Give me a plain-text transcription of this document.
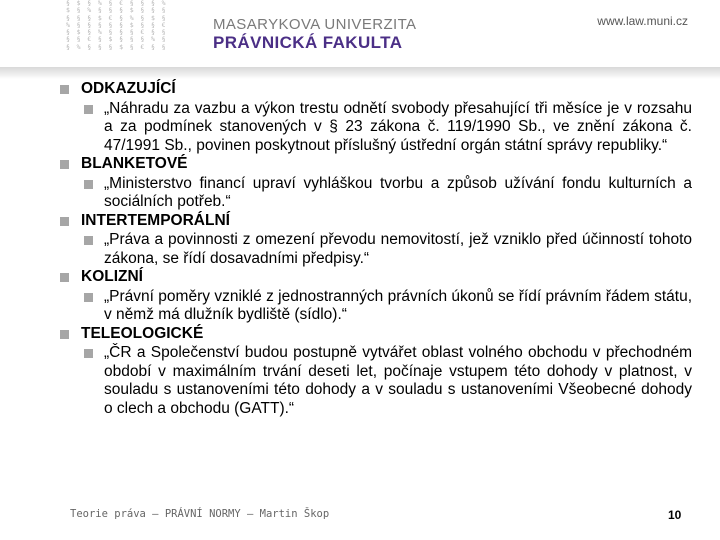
§ $ § % § € § § § %
$ § % § § § $ § § §
§ § § $ € § % § $ §
% § § § § § $ § § €
§ $ § % § § § € § §
§ § € § $ § § § % §
§ % § § § $ § € § §
MASARYKOVA UNIVERZITA
PRÁVNICKÁ FAKULTA
www.law.muni.cz
ODKAZUJÍCÍ
„Náhradu za vazbu a výkon trestu odnětí svobody přesahující tři měsíce je v rozsahu a za podmínek stanovených v § 23 zákona č. 119/1990 Sb., ve znění zákona č. 47/1991 Sb., povinen poskytnout příslušný ústřední orgán státní správy republiky.“
BLANKETOVÉ
„Ministerstvo financí upraví vyhláškou tvorbu a způsob užívání fondu kulturních a sociálních potřeb.“
INTERTEMPORÁLNÍ
„Práva a povinnosti z omezení převodu nemovitostí, jež vzniklo před účinností tohoto zákona, se řídí dosavadními předpisy.“
KOLIZNÍ
„Právní poměry vzniklé z jednostranných právních úkonů se řídí právním řádem státu, v němž má dlužník bydliště (sídlo).“
TELEOLOGICKÉ
„ČR a Společenství budou postupně vytvářet oblast volného obchodu v přechodném období v maximálním trvání deseti let, počínaje vstupem této dohody v platnost, v souladu s ustanoveními této dohody a v souladu s ustanoveními Všeobecné dohody o clech a obchodu (GATT).“
Teorie práva – PRÁVNÍ NORMY – Martin Škop	10
